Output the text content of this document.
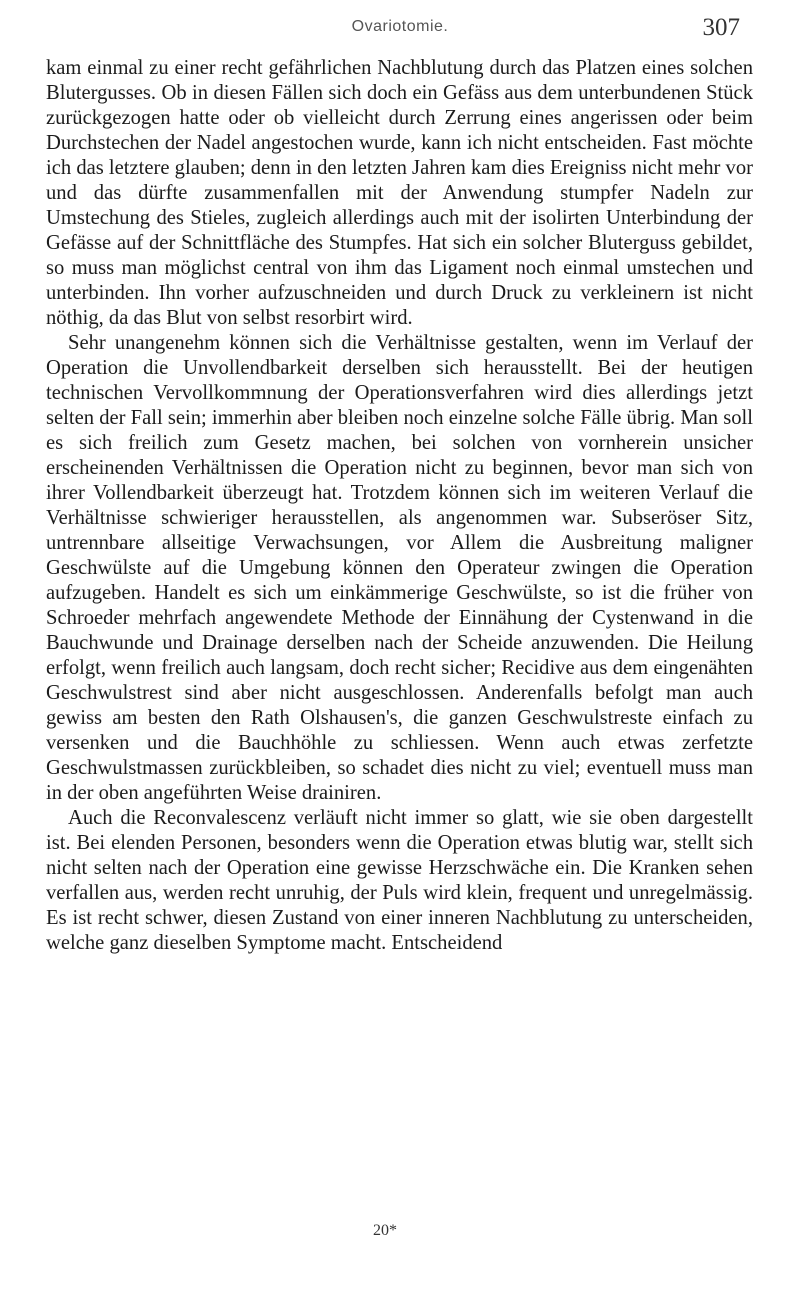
Ovariotomie.	307

kam einmal zu einer recht gefährlichen Nachblutung durch das Platzen eines solchen Blutergusses. Ob in diesen Fällen sich doch ein Gefäss aus dem unterbundenen Stück zurückgezogen hatte oder ob vielleicht durch Zerrung eines angerissen oder beim Durchstechen der Nadel angestochen wurde, kann ich nicht entscheiden. Fast möchte ich das letztere glauben; denn in den letzten Jahren kam dies Ereigniss nicht mehr vor und das dürfte zusammenfallen mit der Anwendung stumpfer Nadeln zur Umstechung des Stieles, zugleich allerdings auch mit der isolirten Unterbindung der Gefässe auf der Schnittfläche des Stumpfes. Hat sich ein solcher Bluterguss gebildet, so muss man möglichst central von ihm das Ligament noch einmal umstechen und unterbinden. Ihn vorher aufzuschneiden und durch Druck zu verkleinern ist nicht nöthig, da das Blut von selbst resorbirt wird.

Sehr unangenehm können sich die Verhältnisse gestalten, wenn im Verlauf der Operation die Unvollendbarkeit derselben sich herausstellt. Bei der heutigen technischen Vervollkommnung der Operationsverfahren wird dies allerdings jetzt selten der Fall sein; immerhin aber bleiben noch einzelne solche Fälle übrig. Man soll es sich freilich zum Gesetz machen, bei solchen von vornherein unsicher erscheinenden Verhältnissen die Operation nicht zu beginnen, bevor man sich von ihrer Vollendbarkeit überzeugt hat. Trotzdem können sich im weiteren Verlauf die Verhältnisse schwieriger herausstellen, als angenommen war. Subseröser Sitz, untrennbare allseitige Verwachsungen, vor Allem die Ausbreitung maligner Geschwülste auf die Umgebung können den Operateur zwingen die Operation aufzugeben. Handelt es sich um einkämmerige Geschwülste, so ist die früher von Schroeder mehrfach angewendete Methode der Einnähung der Cystenwand in die Bauchwunde und Drainage derselben nach der Scheide anzuwenden. Die Heilung erfolgt, wenn freilich auch langsam, doch recht sicher; Recidive aus dem eingenähten Geschwulstrest sind aber nicht ausgeschlossen. Anderenfalls befolgt man auch gewiss am besten den Rath Olshausen's, die ganzen Geschwulstreste einfach zu versenken und die Bauchhöhle zu schliessen. Wenn auch etwas zerfetzte Geschwulstmassen zurückbleiben, so schadet dies nicht zu viel; eventuell muss man in der oben angeführten Weise drainiren.

Auch die Reconvalescenz verläuft nicht immer so glatt, wie sie oben dargestellt ist. Bei elenden Personen, besonders wenn die Operation etwas blutig war, stellt sich nicht selten nach der Operation eine gewisse Herzschwäche ein. Die Kranken sehen verfallen aus, werden recht unruhig, der Puls wird klein, frequent und unregelmässig. Es ist recht schwer, diesen Zustand von einer inneren Nachblutung zu unterscheiden, welche ganz dieselben Symptome macht. Entscheidend

20*
